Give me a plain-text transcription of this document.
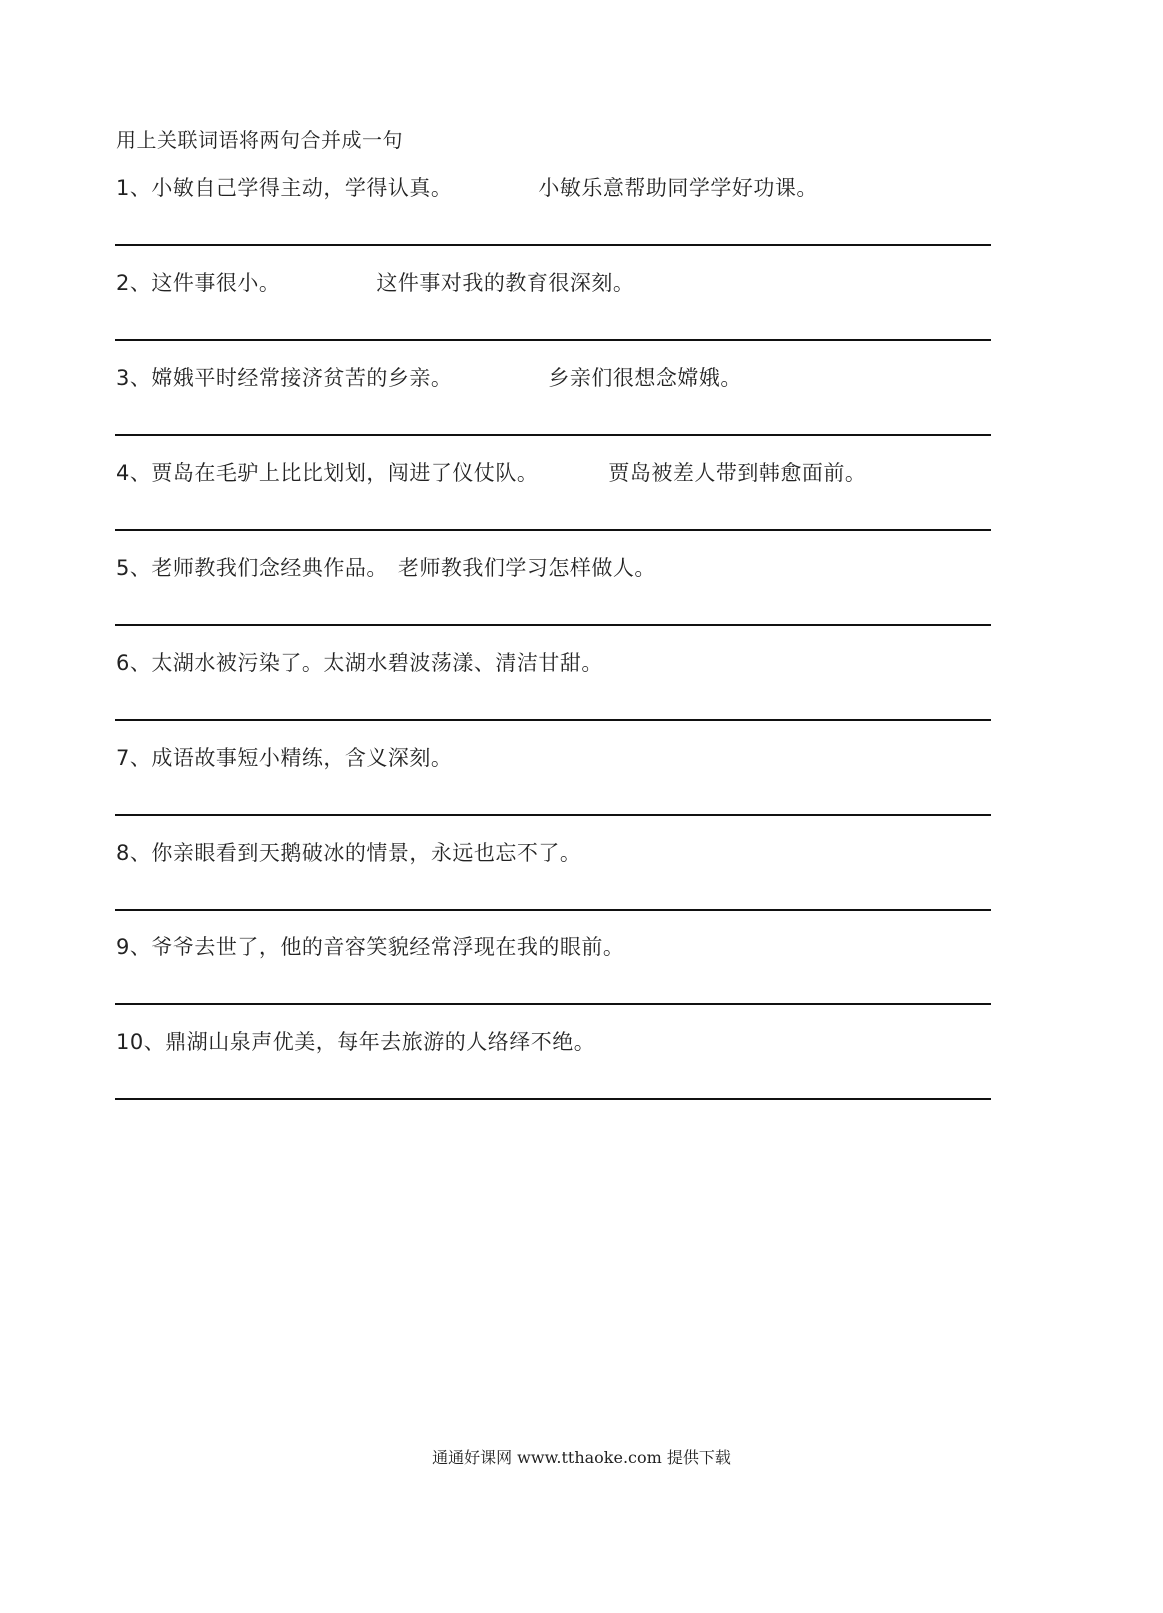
用上关联词语将两句合并成一句
1、小敏自己学得主动，学得认真。	小敏乐意帮助同学学好功课。
2、这件事很小。	这件事对我的教育很深刻。
3、嫦娥平时经常接济贫苦的乡亲。	乡亲们很想念嫦娥。
4、贾岛在毛驴上比比划划，闯进了仪仗队。	贾岛被差人带到韩愈面前。
5、老师教我们念经典作品。 老师教我们学习怎样做人。
6、太湖水被污染了。太湖水碧波荡漾、清洁甘甜。
7、成语故事短小精练，含义深刻。
8、你亲眼看到天鹅破冰的情景，永远也忘不了。
9、爷爷去世了，他的音容笑貌经常浮现在我的眼前。
10、鼎湖山泉声优美，每年去旅游的人络绎不绝。
通通好课网 www.tthaoke.com 提供下载
